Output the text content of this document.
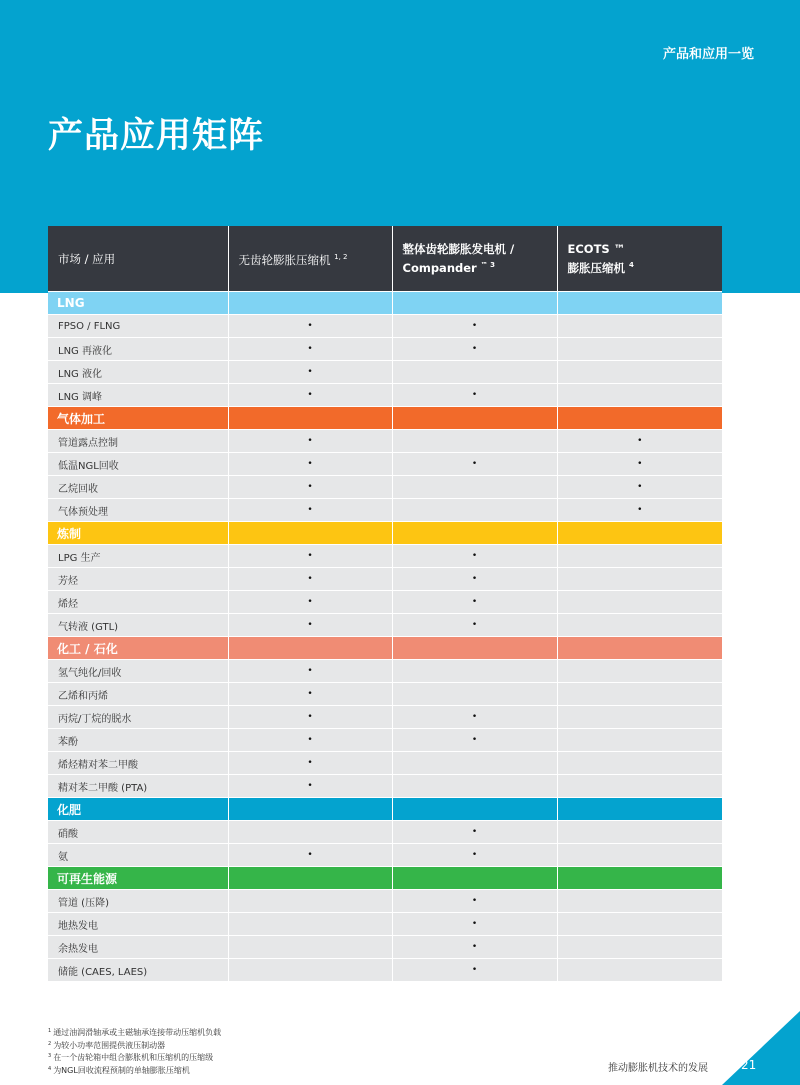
产品和应用一览
产品应用矩阵
市场 / 应用	无齿轮膨胀压缩机 $^{1, 2}$	整体齿轮膨胀发电机 /
Compander $^{™ 3}$	ECOTS ™
膨胀压缩机 $^4$
LNG			
FPSO / FLNG	•	•	
LNG 再液化	•	•	
LNG 液化	•		
LNG 调峰	•	•	
气体加工			
管道露点控制	•		•
低温NGL回收	•	•	•
乙烷回收	•		•
气体预处理	•		•
炼制			
LPG 生产	•	•	
芳烃	•	•	
烯烃	•	•	
气转液 (GTL)	•	•	
化工 / 石化			
氢气纯化/回收	•		
乙烯和丙烯	•		
丙烷/丁烷的脱水	•	•	
苯酚	•	•	
烯烃精对苯二甲酸	•		
精对苯二甲酸 (PTA)	•		
化肥			
硝酸		•	
氨	•	•	
可再生能源			
管道 (压降)		•	
地热发电		•	
余热发电		•	
储能 (CAES, LAES)		•	
$^1$ 通过油润滑轴承或主磁轴承连接带动压缩机负载
$^2$ 为较小功率范围提供液压制动器
$^3$ 在一个齿轮箱中组合膨胀机和压缩机的压缩级
$^4$ 为NGL回收流程预制的单轴膨胀压缩机	推动膨胀机技术的发展	21
